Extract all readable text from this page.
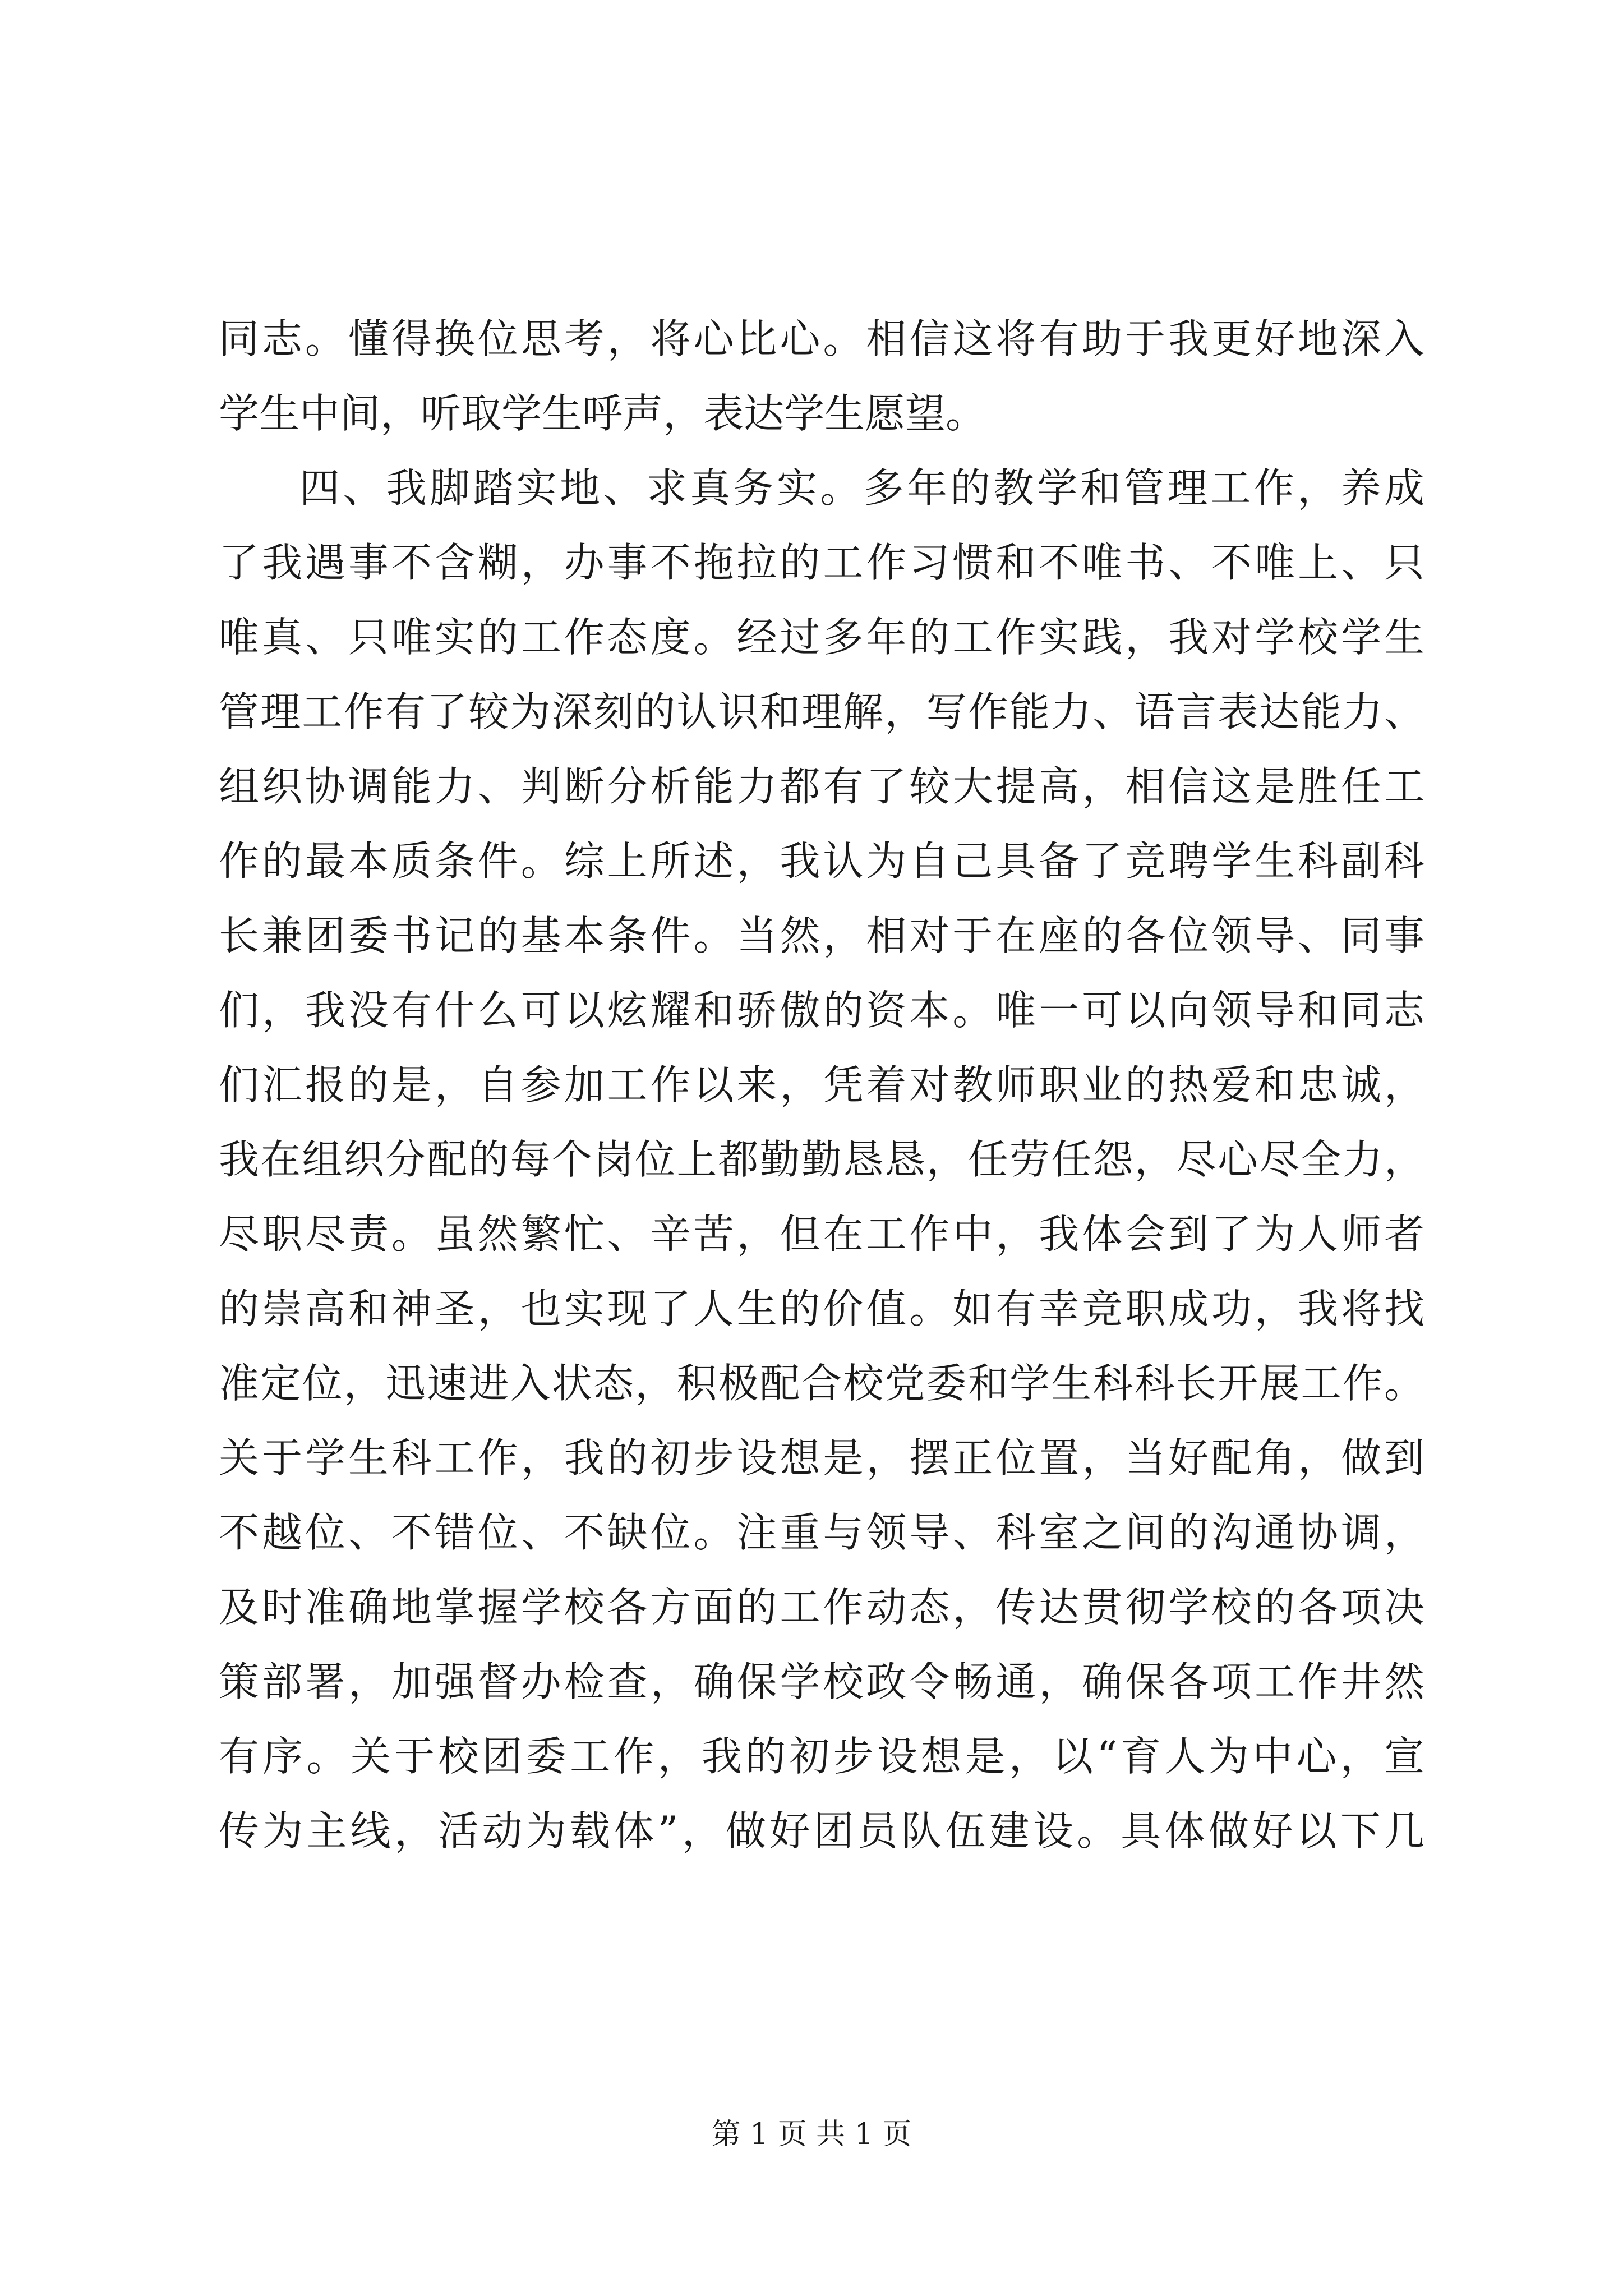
同志。懂得换位思考，将心比心。相信这将有助于我更好地深入
学生中间，听取学生呼声，表达学生愿望。
四、我脚踏实地、求真务实。多年的教学和管理工作，养成
了我遇事不含糊，办事不拖拉的工作习惯和不唯书、不唯上、只
唯真、只唯实的工作态度。经过多年的工作实践，我对学校学生
管理工作有了较为深刻的认识和理解，写作能力、语言表达能力、
组织协调能力、判断分析能力都有了较大提高，相信这是胜任工
作的最本质条件。综上所述，我认为自己具备了竞聘学生科副科
长兼团委书记的基本条件。当然，相对于在座的各位领导、同事
们，我没有什么可以炫耀和骄傲的资本。唯一可以向领导和同志
们汇报的是，自参加工作以来，凭着对教师职业的热爱和忠诚，
我在组织分配的每个岗位上都勤勤恳恳，任劳任怨，尽心尽全力，
尽职尽责。虽然繁忙、辛苦，但在工作中，我体会到了为人师者
的崇高和神圣，也实现了人生的价值。如有幸竞职成功，我将找
准定位，迅速进入状态，积极配合校党委和学生科科长开展工作。
关于学生科工作，我的初步设想是，摆正位置，当好配角，做到
不越位、不错位、不缺位。注重与领导、科室之间的沟通协调，
及时准确地掌握学校各方面的工作动态，传达贯彻学校的各项决
策部署，加强督办检查，确保学校政令畅通，确保各项工作井然
有序。关于校团委工作，我的初步设想是，以“育人为中心，宣
传为主线，活动为载体”，做好团员队伍建设。具体做好以下几
第 1 页 共 1 页
